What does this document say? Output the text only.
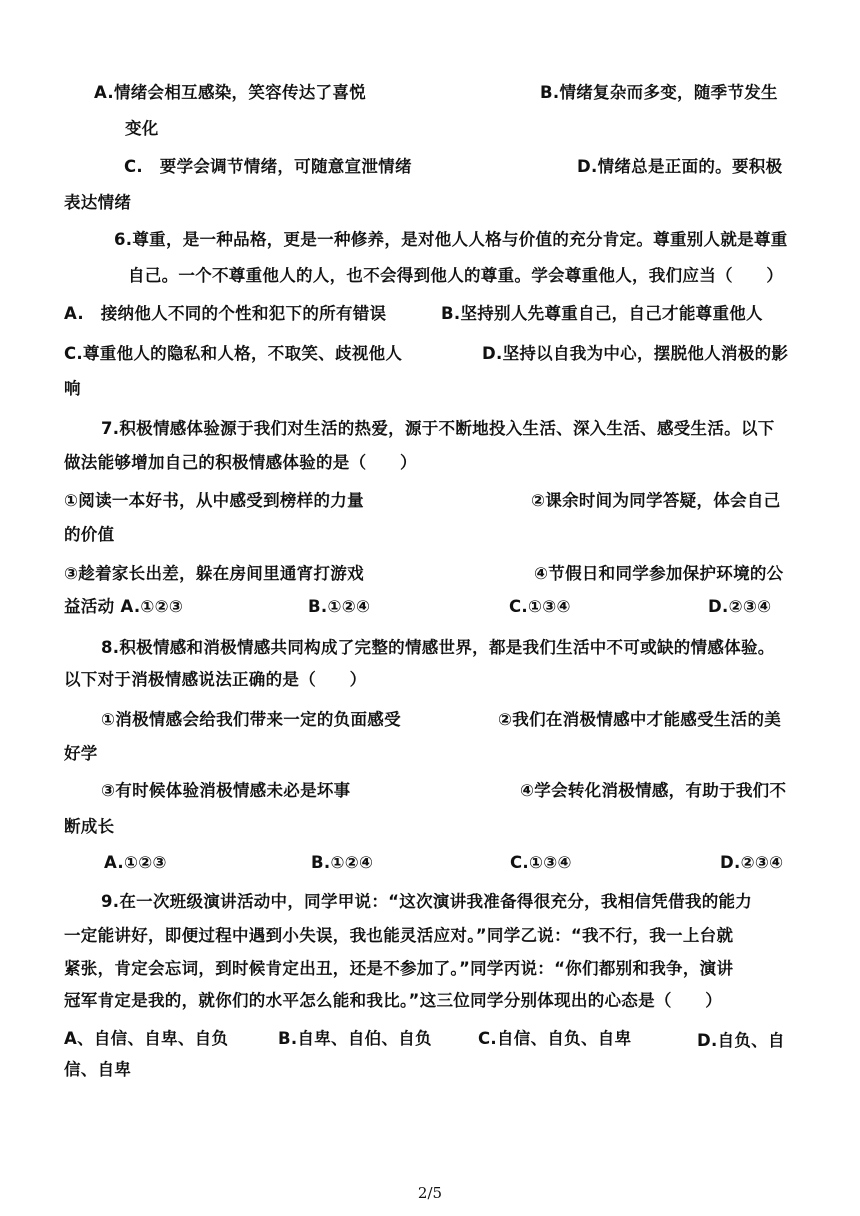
A.情绪会相互感染，笑容传达了喜悦	B.情绪复杂而多变，随季节发生
变化
C.　要学会调节情绪，可随意宣泄情绪	D.情绪总是正面的。要积极
表达情绪
6.尊重，是一种品格，更是一种修养，是对他人人格与价值的充分肯定。尊重别人就是尊重
自己。一个不尊重他人的人，也不会得到他人的尊重。学会尊重他人，我们应当（　　）
A.　接纳他人不同的个性和犯下的所有错误	B.坚持别人先尊重自己，自己才能尊重他人
C.尊重他人的隐私和人格，不取笑、歧视他人	D.坚持以自我为中心，摆脱他人消极的影
响
7.积极情感体验源于我们对生活的热爱，源于不断地投入生活、深入生活、感受生活。以下
做法能够增加自己的积极情感体验的是（　　）
①阅读一本好书，从中感受到榜样的力量	②课余时间为同学答疑，体会自己
的价值
③趁着家长出差，躲在房间里通宵打游戏	④节假日和同学参加保护环境的公
益活动 A.①②③	B.①②④	C.①③④	D.②③④
8.积极情感和消极情感共同构成了完整的情感世界，都是我们生活中不可或缺的情感体验。
以下对于消极情感说法正确的是（　　）
①消极情感会给我们带来一定的负面感受	②我们在消极情感中才能感受生活的美
好学
③有时候体验消极情感未必是坏事	④学会转化消极情感，有助于我们不
断成长
A.①②③	B.①②④	C.①③④	D.②③④
9.在一次班级演讲活动中，同学甲说：“这次演讲我准备得很充分，我相信凭借我的能力
一定能讲好，即便过程中遇到小失误，我也能灵活应对。”同学乙说：“我不行，我一上台就
紧张，肯定会忘词，到时候肯定出丑，还是不参加了。”同学丙说：“你们都别和我争，演讲
冠军肯定是我的，就你们的水平怎么能和我比。”这三位同学分别体现出的心态是（　　）
A、自信、自卑、自负	B.自卑、自伯、自负	C.自信、自负、自卑	D.自负、自
信、自卑
2/5
